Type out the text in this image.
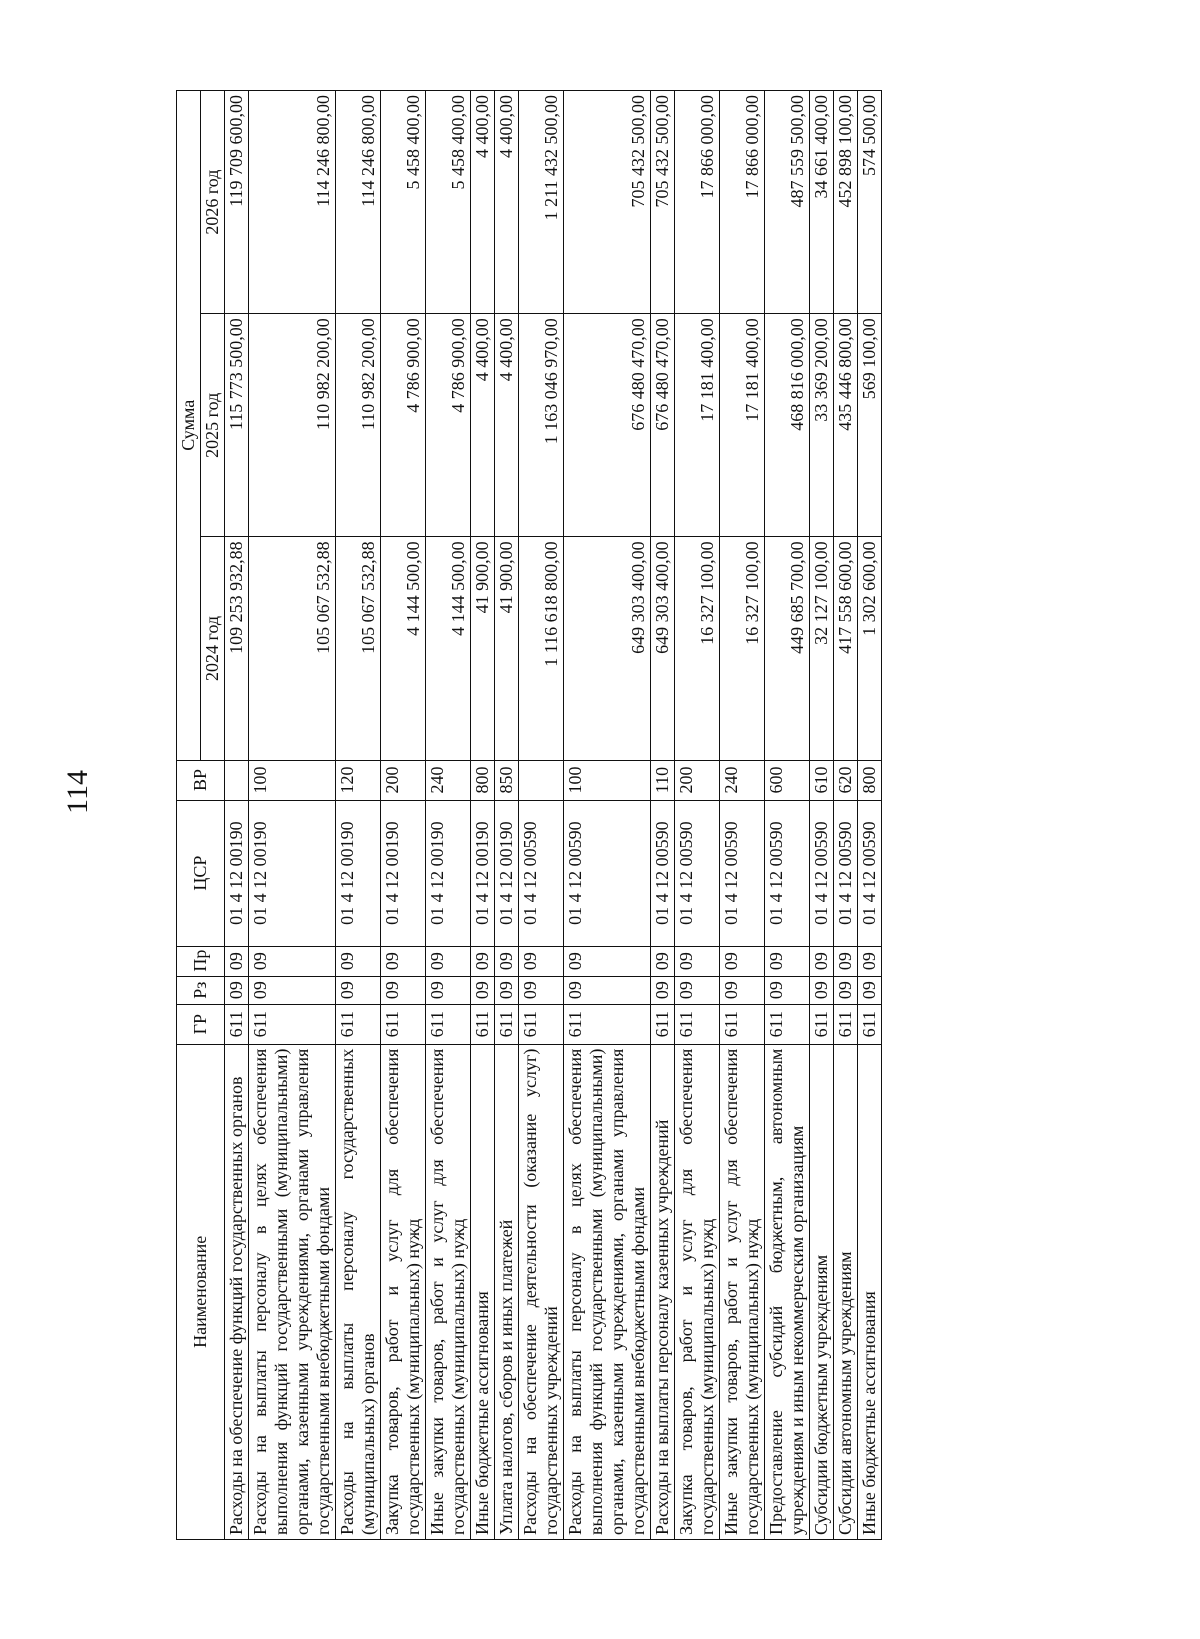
114
Наименование	ГР	Рз	Пр	ЦСР	ВР	Сумма		
						2024 год	2025 год	2026 год
Расходы на обеспечение функций государственных органов	611	09	09	01 4 12 00190		109 253 932,88	115 773 500,00	119 709 600,00
Расходы на выплаты персоналу в целях обеспечения выполнения функций государственными (муниципальными) органами, казенными учреждениями, органами управления государственными внебюджетными фондами	611	09	09	01 4 12 00190	100	105 067 532,88	110 982 200,00	114 246 800,00
Расходы на выплаты персоналу государственных (муниципальных) органов	611	09	09	01 4 12 00190	120	105 067 532,88	110 982 200,00	114 246 800,00
Закупка товаров, работ и услуг для обеспечения государственных (муниципальных) нужд	611	09	09	01 4 12 00190	200	4 144 500,00	4 786 900,00	5 458 400,00
Иные закупки товаров, работ и услуг для обеспечения государственных (муниципальных) нужд	611	09	09	01 4 12 00190	240	4 144 500,00	4 786 900,00	5 458 400,00
Иные бюджетные ассигнования	611	09	09	01 4 12 00190	800	41 900,00	4 400,00	4 400,00
Уплата налогов, сборов и иных платежей	611	09	09	01 4 12 00190	850	41 900,00	4 400,00	4 400,00
Расходы на обеспечение деятельности (оказание услуг) государственных учреждений	611	09	09	01 4 12 00590		1 116 618 800,00	1 163 046 970,00	1 211 432 500,00
Расходы на выплаты персоналу в целях обеспечения выполнения функций государственными (муниципальными) органами, казенными учреждениями, органами управления государственными внебюджетными фондами	611	09	09	01 4 12 00590	100	649 303 400,00	676 480 470,00	705 432 500,00
Расходы на выплаты персоналу казенных учреждений	611	09	09	01 4 12 00590	110	649 303 400,00	676 480 470,00	705 432 500,00
Закупка товаров, работ и услуг для обеспечения государственных (муниципальных) нужд	611	09	09	01 4 12 00590	200	16 327 100,00	17 181 400,00	17 866 000,00
Иные закупки товаров, работ и услуг для обеспечения государственных (муниципальных) нужд	611	09	09	01 4 12 00590	240	16 327 100,00	17 181 400,00	17 866 000,00
Предоставление субсидий бюджетным, автономным учреждениям и иным некоммерческим организациям	611	09	09	01 4 12 00590	600	449 685 700,00	468 816 000,00	487 559 500,00
Субсидии бюджетным учреждениям	611	09	09	01 4 12 00590	610	32 127 100,00	33 369 200,00	34 661 400,00
Субсидии автономным учреждениям	611	09	09	01 4 12 00590	620	417 558 600,00	435 446 800,00	452 898 100,00
Иные бюджетные ассигнования	611	09	09	01 4 12 00590	800	1 302 600,00	569 100,00	574 500,00
